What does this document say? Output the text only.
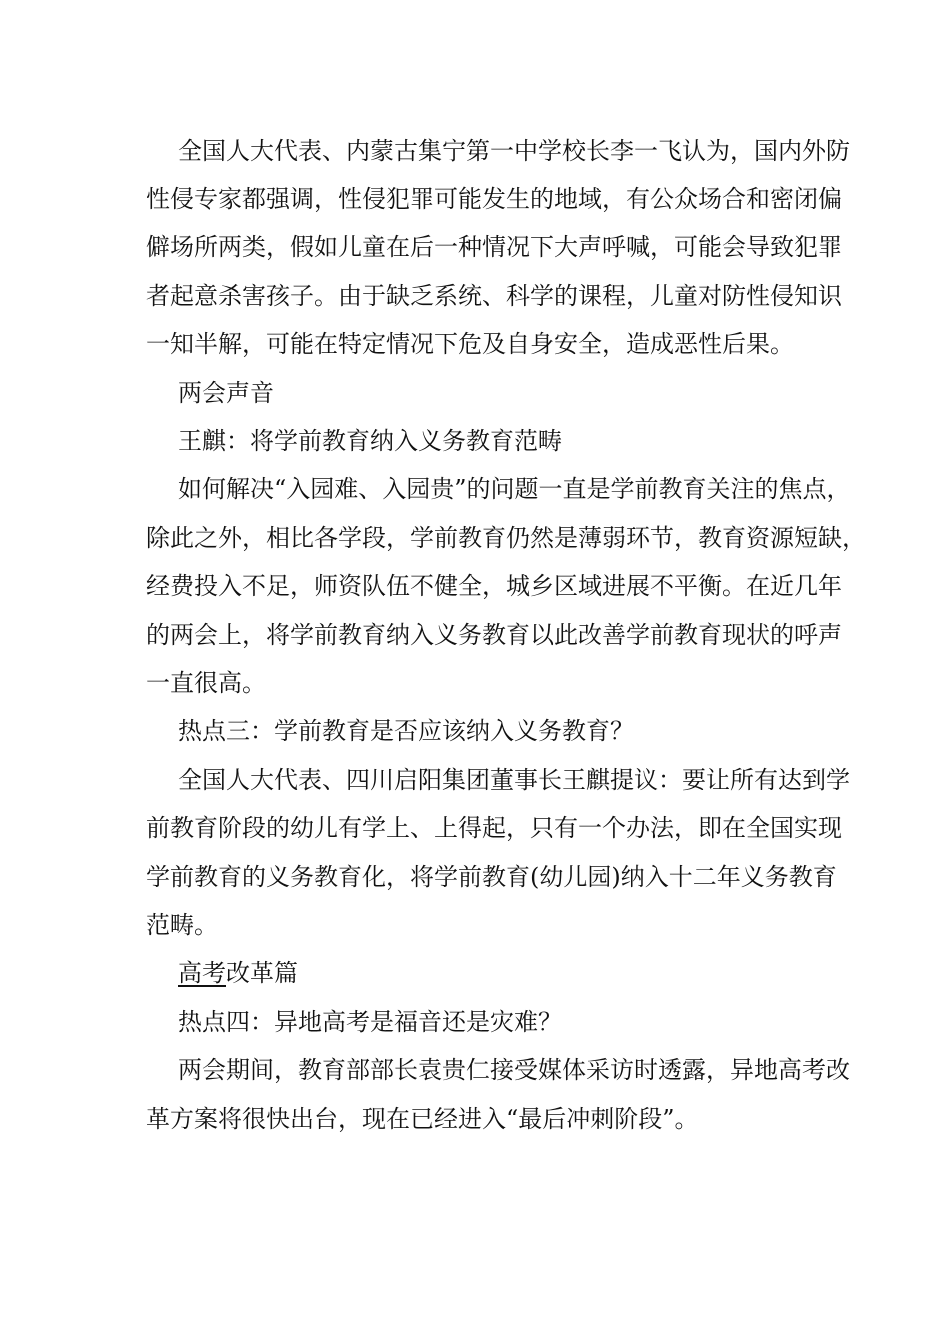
全国人大代表、内蒙古集宁第一中学校长李一飞认为，国内外防
性侵专家都强调，性侵犯罪可能发生的地域，有公众场合和密闭偏
僻场所两类，假如儿童在后一种情况下大声呼喊，可能会导致犯罪
者起意杀害孩子。由于缺乏系统、科学的课程，儿童对防性侵知识
一知半解，可能在特定情况下危及自身安全，造成恶性后果。
两会声音
王麒：将学前教育纳入义务教育范畴
如何解决“入园难、入园贵”的问题一直是学前教育关注的焦点，
除此之外，相比各学段，学前教育仍然是薄弱环节，教育资源短缺，
经费投入不足，师资队伍不健全，城乡区域进展不平衡。在近几年
的两会上，将学前教育纳入义务教育以此改善学前教育现状的呼声
一直很高。
热点三：学前教育是否应该纳入义务教育？
全国人大代表、四川启阳集团董事长王麒提议：要让所有达到学
前教育阶段的幼儿有学上、上得起，只有一个办法，即在全国实现
学前教育的义务教育化，将学前教育(幼儿园)纳入十二年义务教育
范畴。
高考改革篇
热点四：异地高考是福音还是灾难？
两会期间，教育部部长袁贵仁接受媒体采访时透露，异地高考改
革方案将很快出台，现在已经进入“最后冲刺阶段”。
